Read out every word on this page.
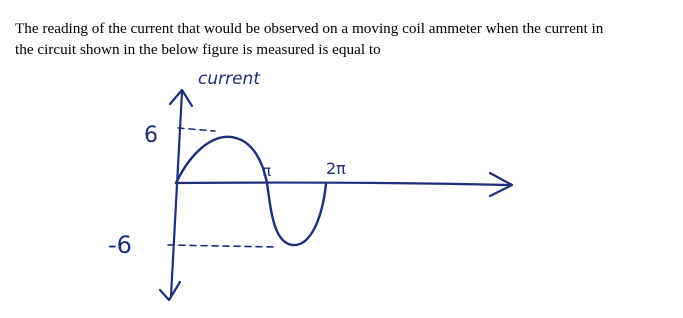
The reading of the current that would be observed on a moving coil ammeter when the current in
the circuit shown in the below figure is measured is equal to

current
6
-6
π	2π
